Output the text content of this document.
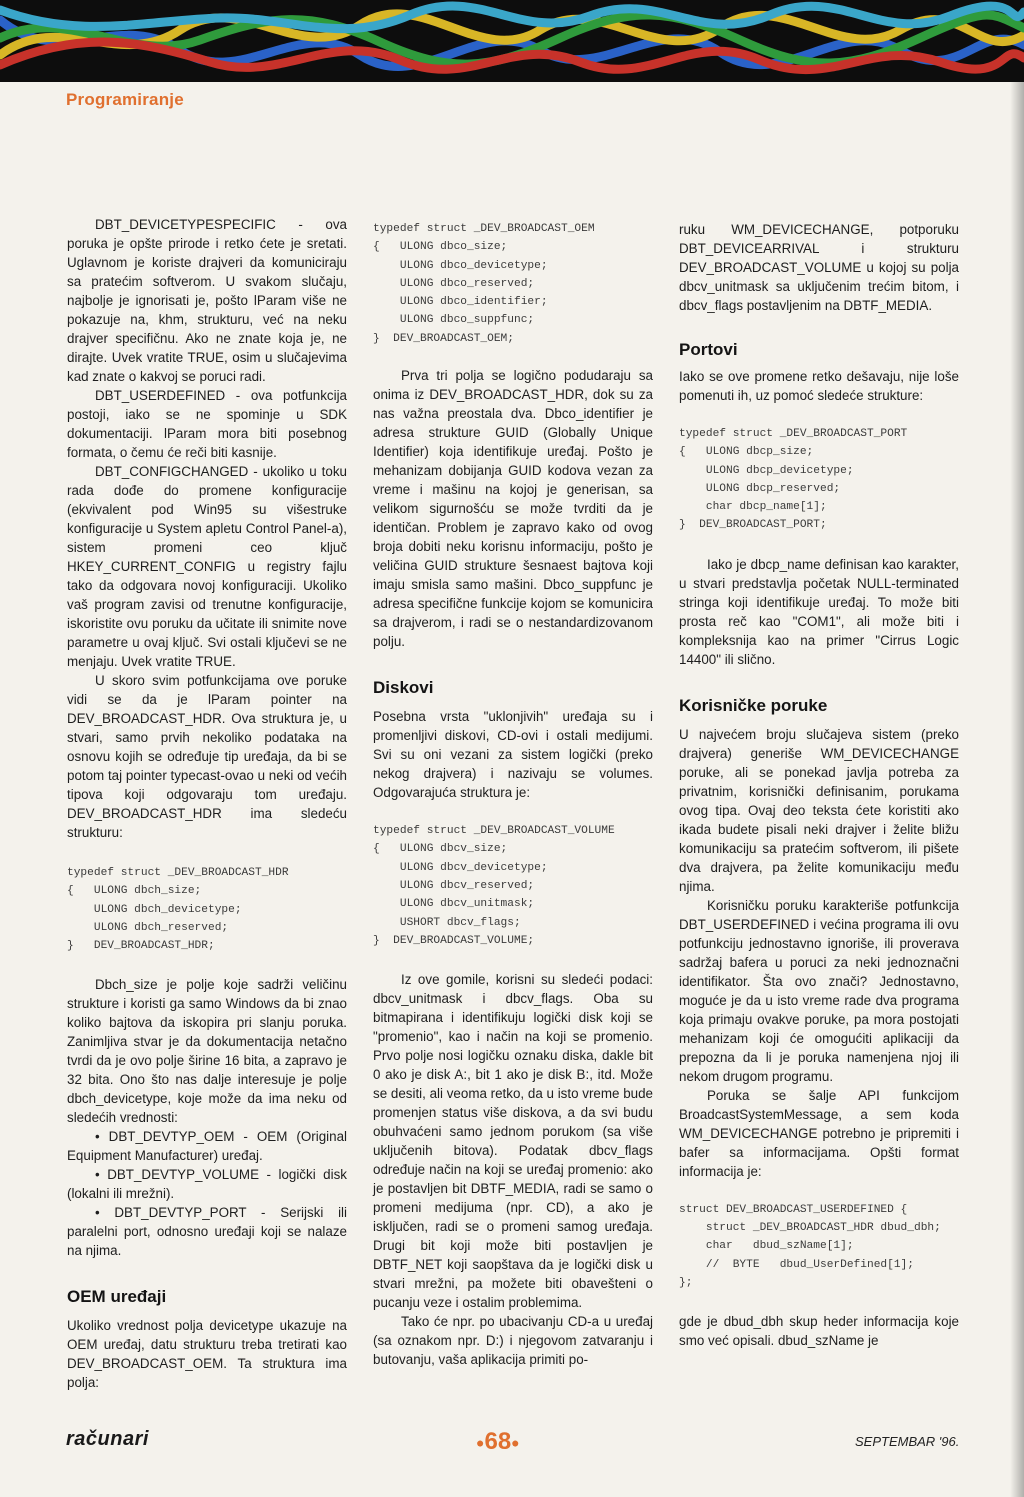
Programiranje

DBT_DEVICETYPESPECIFIC - ova poruka je opšte prirode i retko ćete je sretati. Uglavnom je koriste drajveri da komuniciraju sa pratećim softverom. U svakom slučaju, najbolje je ignorisati je, pošto lParam više ne pokazuje na, khm, strukturu, već na neku drajver specifičnu. Ako ne znate koja je, ne dirajte. Uvek vratite TRUE, osim u slučajevima kad znate o kakvoj se poruci radi.

DBT_USERDEFINED - ova potfunkcija postoji, iako se ne spominje u SDK dokumentaciji. lParam mora biti posebnog formata, o čemu će reči biti kasnije.

DBT_CONFIGCHANGED - ukoliko u toku rada dođe do promene konfiguracije (ekvivalent pod Win95 su višestruke konfiguracije u System apletu Control Panel-a), sistem promeni ceo ključ HKEY_CURRENT_CONFIG u registry fajlu tako da odgovara novoj konfiguraciji. Ukoliko vaš program zavisi od trenutne konfiguracije, iskoristite ovu poruku da učitate ili snimite nove parametre u ovaj ključ. Svi ostali ključevi se ne menjaju. Uvek vratite TRUE.

U skoro svim potfunkcijama ove poruke vidi se da je lParam pointer na DEV_BROADCAST_HDR. Ova struktura je, u stvari, samo prvih nekoliko podataka na osnovu kojih se određuje tip uređaja, da bi se potom taj pointer typecast-ovao u neki od većih tipova koji odgovaraju tom uređaju. DEV_BROADCAST_HDR ima sledeću strukturu:

typedef struct _DEV_BROADCAST_HDR
{   ULONG dbch_size;
ULONG dbch_devicetype;
ULONG dbch_reserved;
}   DEV_BROADCAST_HDR;

Dbch_size je polje koje sadrži veličinu strukture i koristi ga samo Windows da bi znao koliko bajtova da iskopira pri slanju poruka. Zanimljiva stvar je da dokumentacija netačno tvrdi da je ovo polje širine 16 bita, a zapravo je 32 bita. Ono što nas dalje interesuje je polje dbch_devicetype, koje može da ima neku od sledećih vrednosti:

• DBT_DEVTYP_OEM - OEM (Original Equipment Manufacturer) uređaj.

• DBT_DEVTYP_VOLUME - logički disk (lokalni ili mrežni).

• DBT_DEVTYP_PORT - Serijski ili paralelni port, odnosno uređaji koji se nalaze na njima.

OEM uređaji

Ukoliko vrednost polja devicetype ukazuje na OEM uređaj, datu strukturu treba tretirati kao DEV_BROADCAST_OEM. Ta struktura ima polja:

typedef struct _DEV_BROADCAST_OEM
{   ULONG dbco_size;
ULONG dbco_devicetype;
ULONG dbco_reserved;
ULONG dbco_identifier;
ULONG dbco_suppfunc;
}  DEV_BROADCAST_OEM;

Prva tri polja se logično podudaraju sa onima iz DEV_BROADCAST_HDR, dok su za nas važna preostala dva. Dbco_identifier je adresa strukture GUID (Globally Unique Identifier) koja identifikuje uređaj. Pošto je mehanizam dobijanja GUID kodova vezan za vreme i mašinu na kojoj je generisan, sa velikom sigurnošću se može tvrditi da je identičan. Problem je zapravo kako od ovog broja dobiti neku korisnu informaciju, pošto je veličina GUID strukture šesnaest bajtova koji imaju smisla samo mašini. Dbco_suppfunc je adresa specifične funkcije kojom se komunicira sa drajverom, i radi se o nestandardizovanom polju.

Diskovi

Posebna vrsta "uklonjivih" uređaja su i promenljivi diskovi, CD-ovi i ostali medijumi. Svi su oni vezani za sistem logički (preko nekog drajvera) i nazivaju se volumes. Odgovarajuća struktura je:

typedef struct _DEV_BROADCAST_VOLUME
{   ULONG dbcv_size;
ULONG dbcv_devicetype;
ULONG dbcv_reserved;
ULONG dbcv_unitmask;
USHORT dbcv_flags;
}  DEV_BROADCAST_VOLUME;

Iz ove gomile, korisni su sledeći podaci: dbcv_unitmask i dbcv_flags. Oba su bitmapirana i identifikuju logički disk koji se "promenio", kao i način na koji se promenio. Prvo polje nosi logičku oznaku diska, dakle bit 0 ako je disk A:, bit 1 ako je disk B:, itd. Može se desiti, ali veoma retko, da u isto vreme bude promenjen status više diskova, a da svi budu obuhvaćeni samo jednom porukom (sa više uključenih bitova). Podatak dbcv_flags određuje način na koji se uređaj promenio: ako je postavljen bit DBTF_MEDIA, radi se samo o promeni medijuma (npr. CD), a ako je isključen, radi se o promeni samog uređaja. Drugi bit koji može biti postavljen je DBTF_NET koji saopštava da je logički disk u stvari mrežni, pa možete biti obavešteni o pucanju veze i ostalim problemima.

Tako će npr. po ubacivanju CD-a u uređaj (sa oznakom npr. D:) i njegovom zatvaranju i butovanju, vaša aplikacija primiti po-

ruku WM_DEVICECHANGE, potporuku DBT_DEVICEARRIVAL i strukturu DEV_BROADCAST_VOLUME u kojoj su polja dbcv_unitmask sa uključenim trećim bitom, i dbcv_flags postavljenim na DBTF_MEDIA.

Portovi

Iako se ove promene retko dešavaju, nije loše pomenuti ih, uz pomoć sledeće strukture:

typedef struct _DEV_BROADCAST_PORT
{   ULONG dbcp_size;
ULONG dbcp_devicetype;
ULONG dbcp_reserved;
char dbcp_name[1];
}  DEV_BROADCAST_PORT;

Iako je dbcp_name definisan kao karakter, u stvari predstavlja početak NULL-terminated stringa koji identifikuje uređaj. To može biti prosta reč kao "COM1", ali može biti i kompleksnija kao na primer "Cirrus Logic 14400" ili slično.

Korisničke poruke

U najvećem broju slučajeva sistem (preko drajvera) generiše WM_DEVICECHANGE poruke, ali se ponekad javlja potreba za privatnim, korisnički definisanim, porukama ovog tipa. Ovaj deo teksta ćete koristiti ako ikada budete pisali neki drajver i želite bližu komunikaciju sa pratećim softverom, ili pišete dva drajvera, pa želite komunikaciju među njima.

Korisničku poruku karakteriše potfunkcija DBT_USERDEFINED i većina programa ili ovu potfunkciju jednostavno ignoriše, ili proverava sadržaj bafera u poruci za neki jednoznačni identifikator. Šta ovo znači? Jednostavno, moguće je da u isto vreme rade dva programa koja primaju ovakve poruke, pa mora postojati mehanizam koji će omogućiti aplikaciji da prepozna da li je poruka namenjena njoj ili nekom drugom programu.

Poruka se šalje API funkcijom BroadcastSystemMessage, a sem koda WM_DEVICECHANGE potrebno je pripremiti i bafer sa informacijama. Opšti format informacija je:

struct DEV_BROADCAST_USERDEFINED {
struct _DEV_BROADCAST_HDR dbud_dbh;
char   dbud_szName[1];
//  BYTE   dbud_UserDefined[1];
};

gde je dbud_dbh skup heder informacija koje smo već opisali. dbud_szName je

računari	●68●	SEPTEMBAR '96.
